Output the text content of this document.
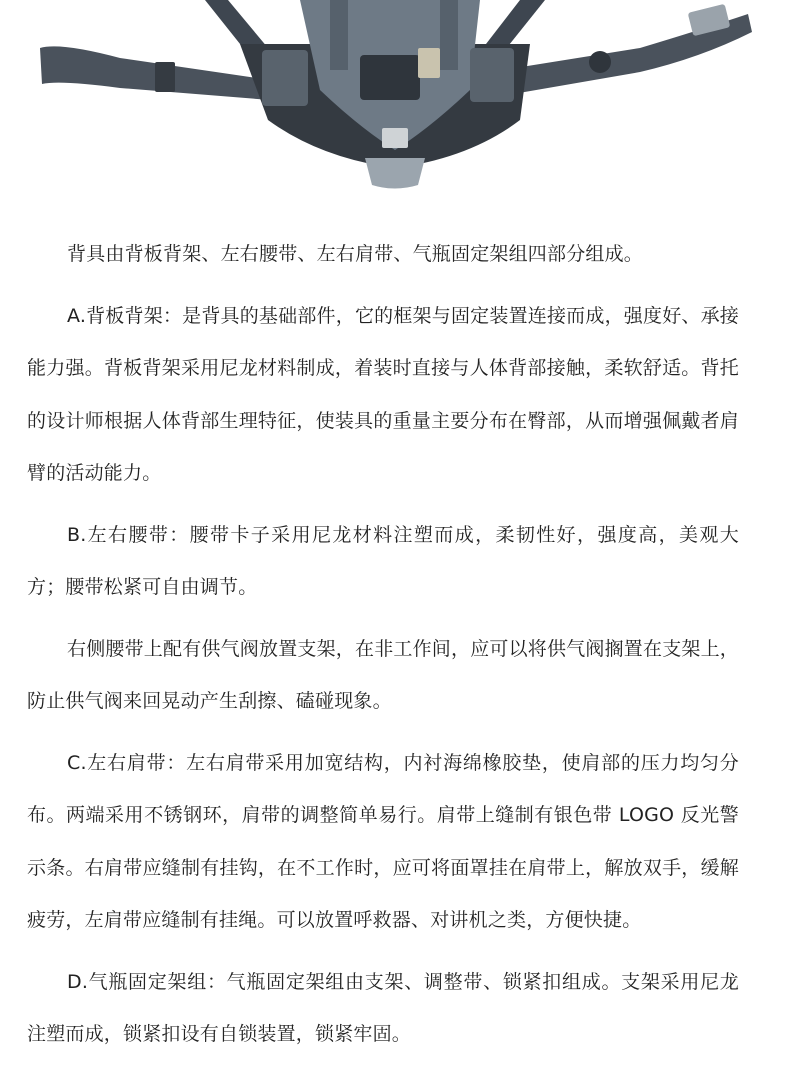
背具由背板背架、左右腰带、左右肩带、气瓶固定架组四部分组成。

A.背板背架：是背具的基础部件，它的框架与固定装置连接而成，强度好、承接能力强。背板背架采用尼龙材料制成，着装时直接与人体背部接触，柔软舒适。背托的设计师根据人体背部生理特征，使装具的重量主要分布在臀部，从而增强佩戴者肩臂的活动能力。

B.左右腰带：腰带卡子采用尼龙材料注塑而成，柔韧性好，强度高，美观大方；腰带松紧可自由调节。

右侧腰带上配有供气阀放置支架，在非工作间，应可以将供气阀搁置在支架上，防止供气阀来回晃动产生刮擦、磕碰现象。

C.左右肩带：左右肩带采用加宽结构，内衬海绵橡胶垫，使肩部的压力均匀分布。两端采用不锈钢环，肩带的调整简单易行。肩带上缝制有银色带 LOGO 反光警示条。右肩带应缝制有挂钩，在不工作时，应可将面罩挂在肩带上，解放双手，缓解疲劳，左肩带应缝制有挂绳。可以放置呼救器、对讲机之类，方便快捷。

D.气瓶固定架组：气瓶固定架组由支架、调整带、锁紧扣组成。支架采用尼龙注塑而成，锁紧扣设有自锁装置，锁紧牢固。
